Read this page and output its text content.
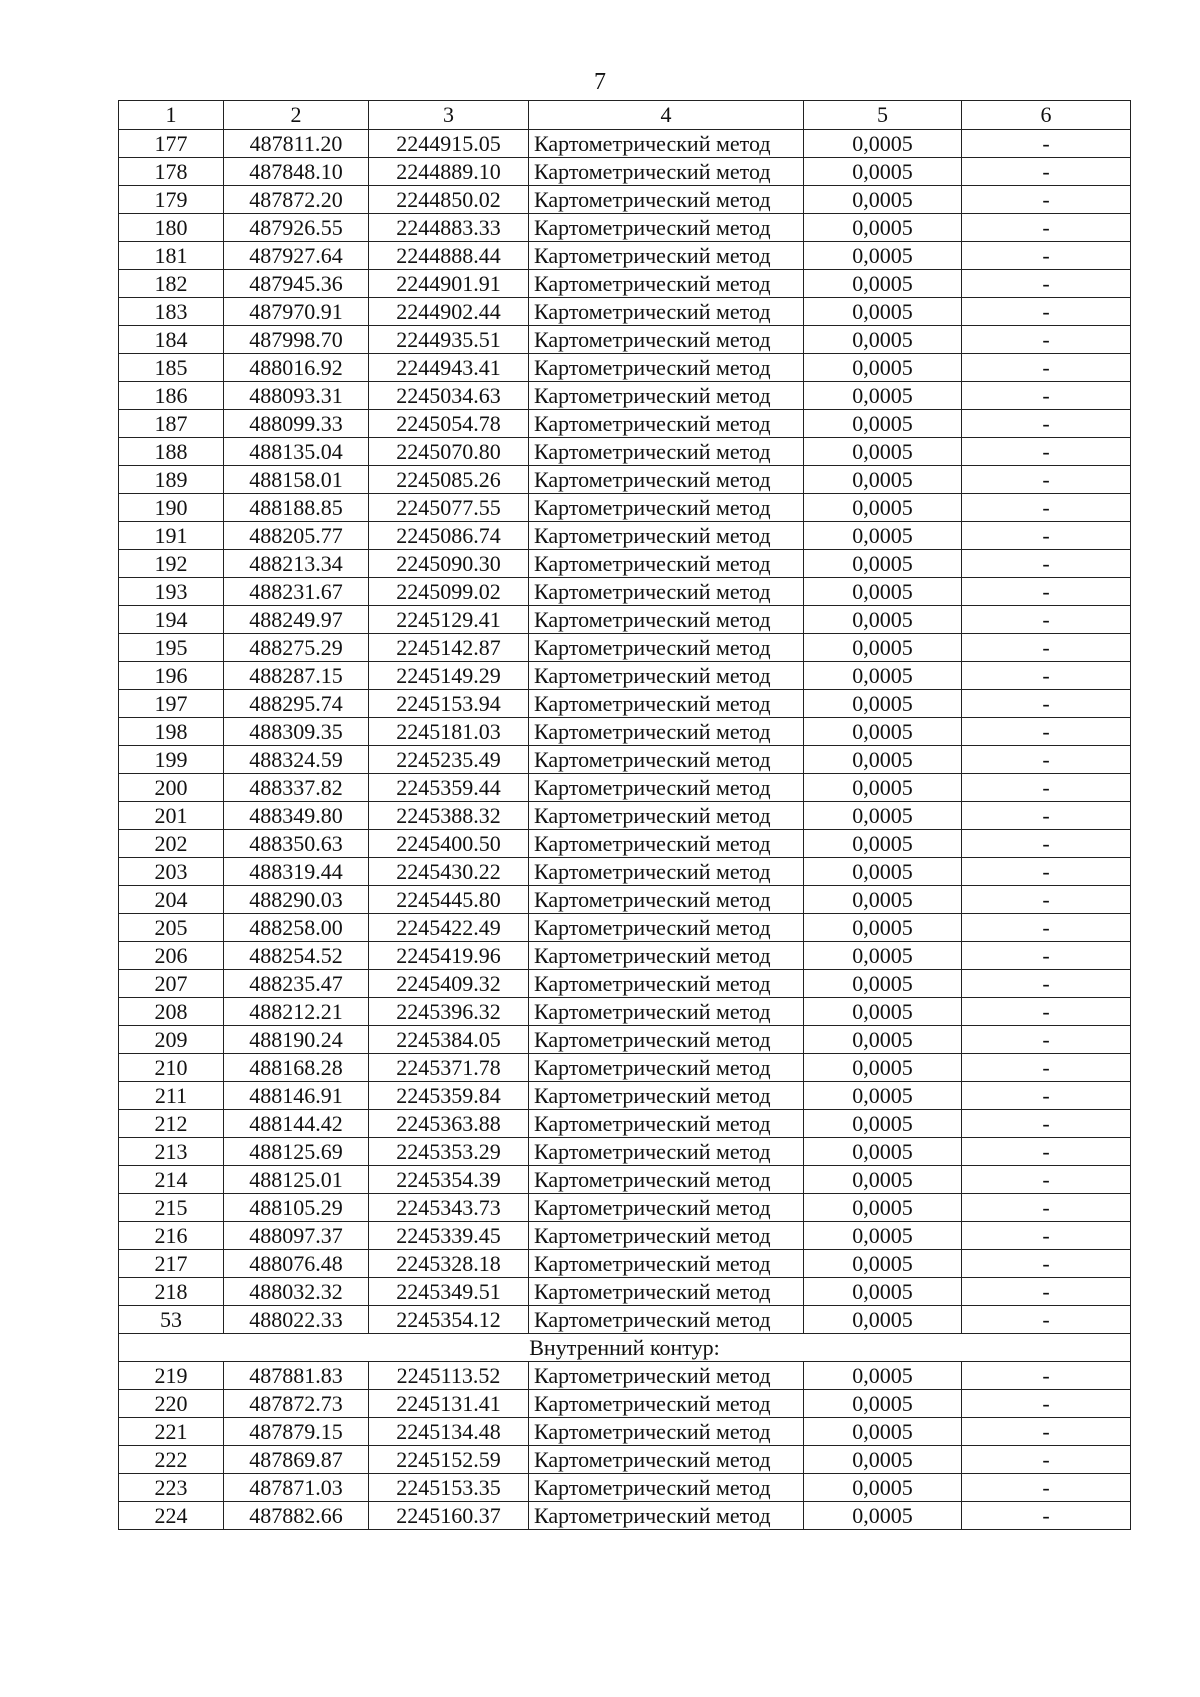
7
1	2	3	4	5	6
177	487811.20	2244915.05	Картометрический метод	0,0005	-
178	487848.10	2244889.10	Картометрический метод	0,0005	-
179	487872.20	2244850.02	Картометрический метод	0,0005	-
180	487926.55	2244883.33	Картометрический метод	0,0005	-
181	487927.64	2244888.44	Картометрический метод	0,0005	-
182	487945.36	2244901.91	Картометрический метод	0,0005	-
183	487970.91	2244902.44	Картометрический метод	0,0005	-
184	487998.70	2244935.51	Картометрический метод	0,0005	-
185	488016.92	2244943.41	Картометрический метод	0,0005	-
186	488093.31	2245034.63	Картометрический метод	0,0005	-
187	488099.33	2245054.78	Картометрический метод	0,0005	-
188	488135.04	2245070.80	Картометрический метод	0,0005	-
189	488158.01	2245085.26	Картометрический метод	0,0005	-
190	488188.85	2245077.55	Картометрический метод	0,0005	-
191	488205.77	2245086.74	Картометрический метод	0,0005	-
192	488213.34	2245090.30	Картометрический метод	0,0005	-
193	488231.67	2245099.02	Картометрический метод	0,0005	-
194	488249.97	2245129.41	Картометрический метод	0,0005	-
195	488275.29	2245142.87	Картометрический метод	0,0005	-
196	488287.15	2245149.29	Картометрический метод	0,0005	-
197	488295.74	2245153.94	Картометрический метод	0,0005	-
198	488309.35	2245181.03	Картометрический метод	0,0005	-
199	488324.59	2245235.49	Картометрический метод	0,0005	-
200	488337.82	2245359.44	Картометрический метод	0,0005	-
201	488349.80	2245388.32	Картометрический метод	0,0005	-
202	488350.63	2245400.50	Картометрический метод	0,0005	-
203	488319.44	2245430.22	Картометрический метод	0,0005	-
204	488290.03	2245445.80	Картометрический метод	0,0005	-
205	488258.00	2245422.49	Картометрический метод	0,0005	-
206	488254.52	2245419.96	Картометрический метод	0,0005	-
207	488235.47	2245409.32	Картометрический метод	0,0005	-
208	488212.21	2245396.32	Картометрический метод	0,0005	-
209	488190.24	2245384.05	Картометрический метод	0,0005	-
210	488168.28	2245371.78	Картометрический метод	0,0005	-
211	488146.91	2245359.84	Картометрический метод	0,0005	-
212	488144.42	2245363.88	Картометрический метод	0,0005	-
213	488125.69	2245353.29	Картометрический метод	0,0005	-
214	488125.01	2245354.39	Картометрический метод	0,0005	-
215	488105.29	2245343.73	Картометрический метод	0,0005	-
216	488097.37	2245339.45	Картометрический метод	0,0005	-
217	488076.48	2245328.18	Картометрический метод	0,0005	-
218	488032.32	2245349.51	Картометрический метод	0,0005	-
53	488022.33	2245354.12	Картометрический метод	0,0005	-
Внутренний контур:					
219	487881.83	2245113.52	Картометрический метод	0,0005	-
220	487872.73	2245131.41	Картометрический метод	0,0005	-
221	487879.15	2245134.48	Картометрический метод	0,0005	-
222	487869.87	2245152.59	Картометрический метод	0,0005	-
223	487871.03	2245153.35	Картометрический метод	0,0005	-
224	487882.66	2245160.37	Картометрический метод	0,0005	-
